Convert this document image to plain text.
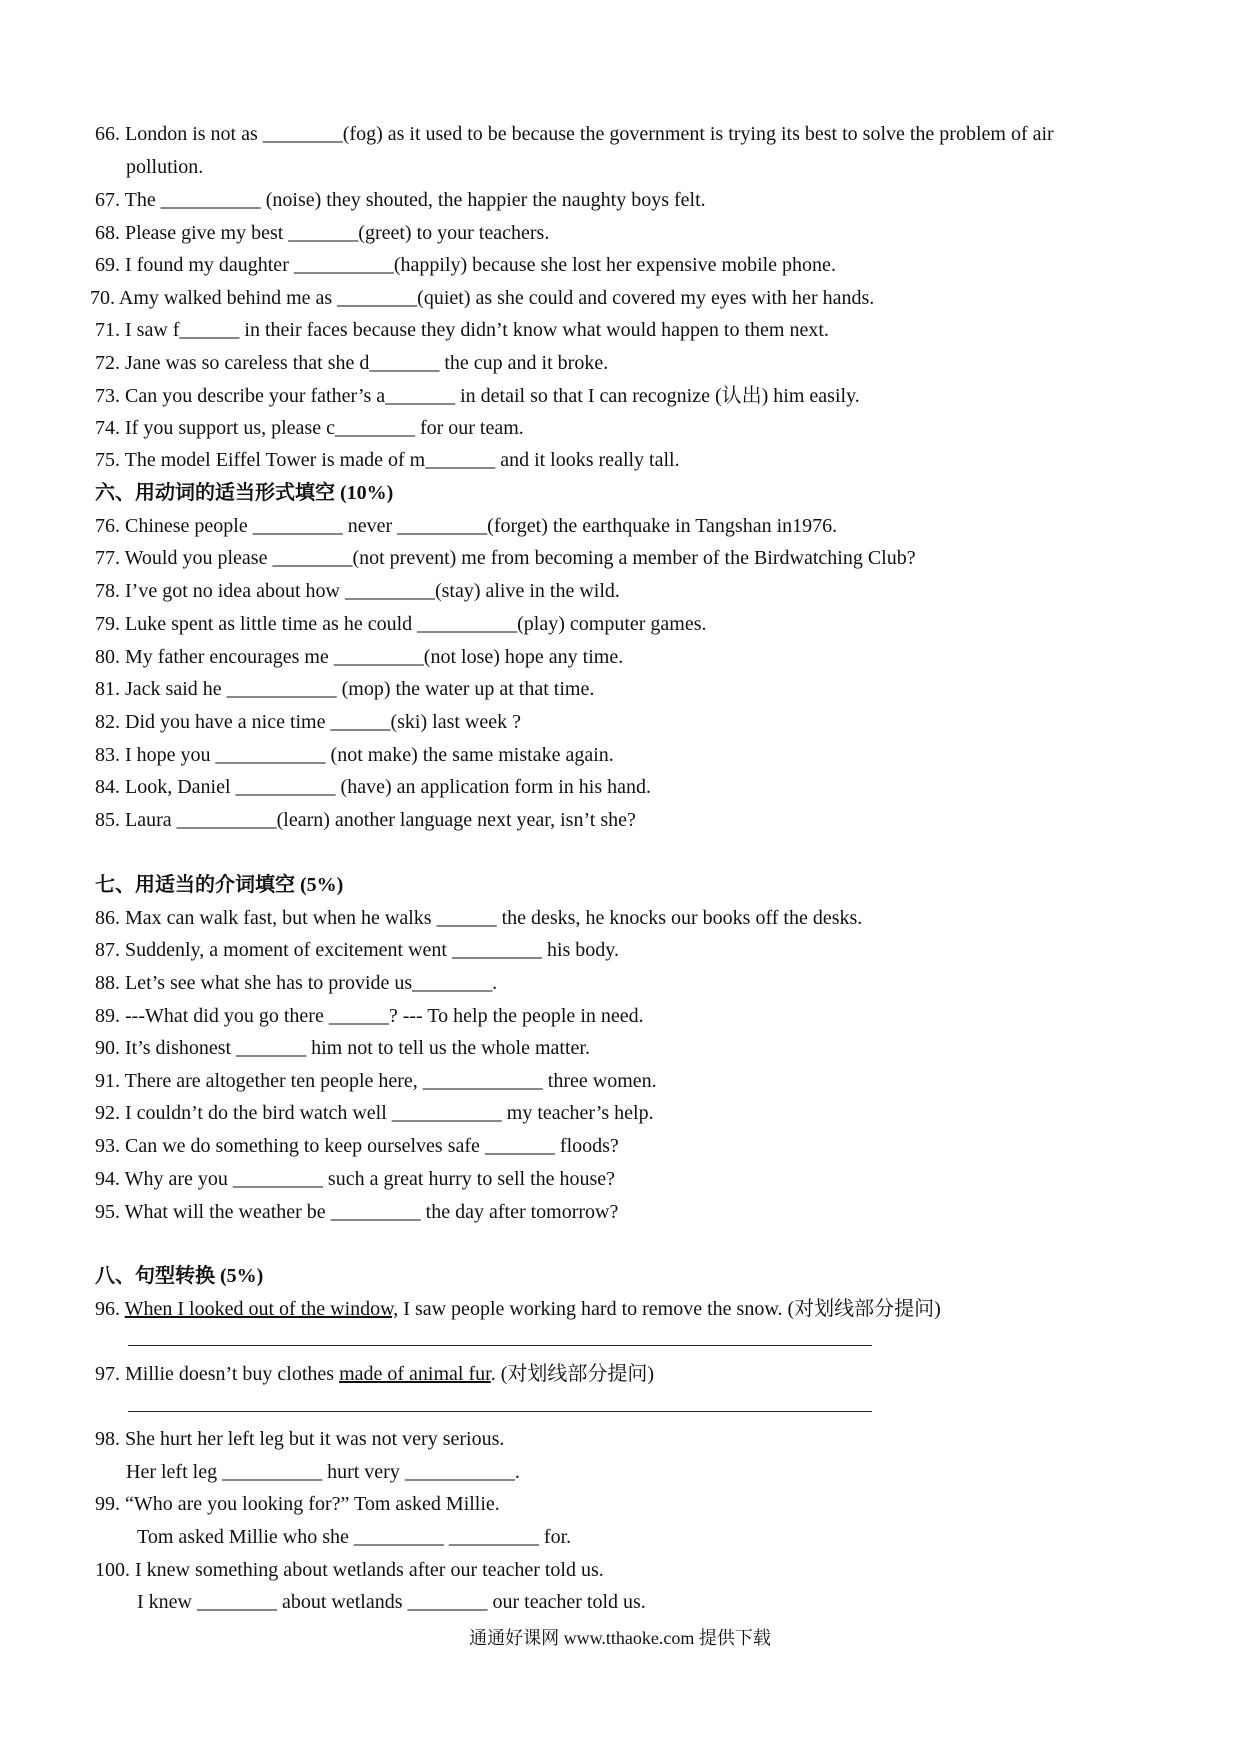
66. London is not as ________(fog) as it used to be because the government is trying its best to solve the problem of air
pollution.
67. The __________ (noise) they shouted, the happier the naughty boys felt.
68. Please give my best _______(greet) to your teachers.
69. I found my daughter __________(happily) because she lost her expensive mobile phone.
70. Amy walked behind me as ________(quiet) as she could and covered my eyes with her hands.
71. I saw f______ in their faces because they didn’t know what would happen to them next.
72. Jane was so careless that she d_______ the cup and it broke.
73. Can you describe your father’s a_______ in detail so that I can recognize (认出) him easily.
74. If you support us, please c________ for our team.
75. The model Eiffel Tower is made of m_______ and it looks really tall.
六、用动词的适当形式填空 (10%)
76. Chinese people _________ never _________(forget) the earthquake in Tangshan in1976.
77. Would you please ________(not prevent) me from becoming a member of the Birdwatching Club?
78. I’ve got no idea about how _________(stay) alive in the wild.
79. Luke spent as little time as he could __________(play) computer games.
80. My father encourages me _________(not lose) hope any time.
81. Jack said he ___________ (mop) the water up at that time.
82. Did you have a nice time ______(ski) last week ?
83. I hope you ___________ (not make) the same mistake again.
84. Look, Daniel __________ (have) an application form in his hand.
85. Laura __________(learn) another language next year, isn’t she?
七、用适当的介词填空 (5%)
86. Max can walk fast, but when he walks ______ the desks, he knocks our books off the desks.
87. Suddenly, a moment of excitement went _________ his body.
88. Let’s see what she has to provide us________.
89. ---What did you go there ______? --- To help the people in need.
90. It’s dishonest _______ him not to tell us the whole matter.
91. There are altogether ten people here, ____________ three women.
92. I couldn’t do the bird watch well ___________ my teacher’s help.
93. Can we do something to keep ourselves safe _______ floods?
94. Why are you _________ such a great hurry to sell the house?
95. What will the weather be _________ the day after tomorrow?
八、句型转换 (5%)
96. When I looked out of the window, I saw people working hard to remove the snow. (对划线部分提问)
97. Millie doesn’t buy clothes made of animal fur. (对划线部分提问)
98. She hurt her left leg but it was not very serious.
Her left leg __________ hurt very ___________.
99. “Who are you looking for?” Tom asked Millie.
Tom asked Millie who she _________ _________ for.
100. I knew something about wetlands after our teacher told us.
I knew ________ about wetlands ________ our teacher told us.
通通好课网 www.tthaoke.com 提供下载
